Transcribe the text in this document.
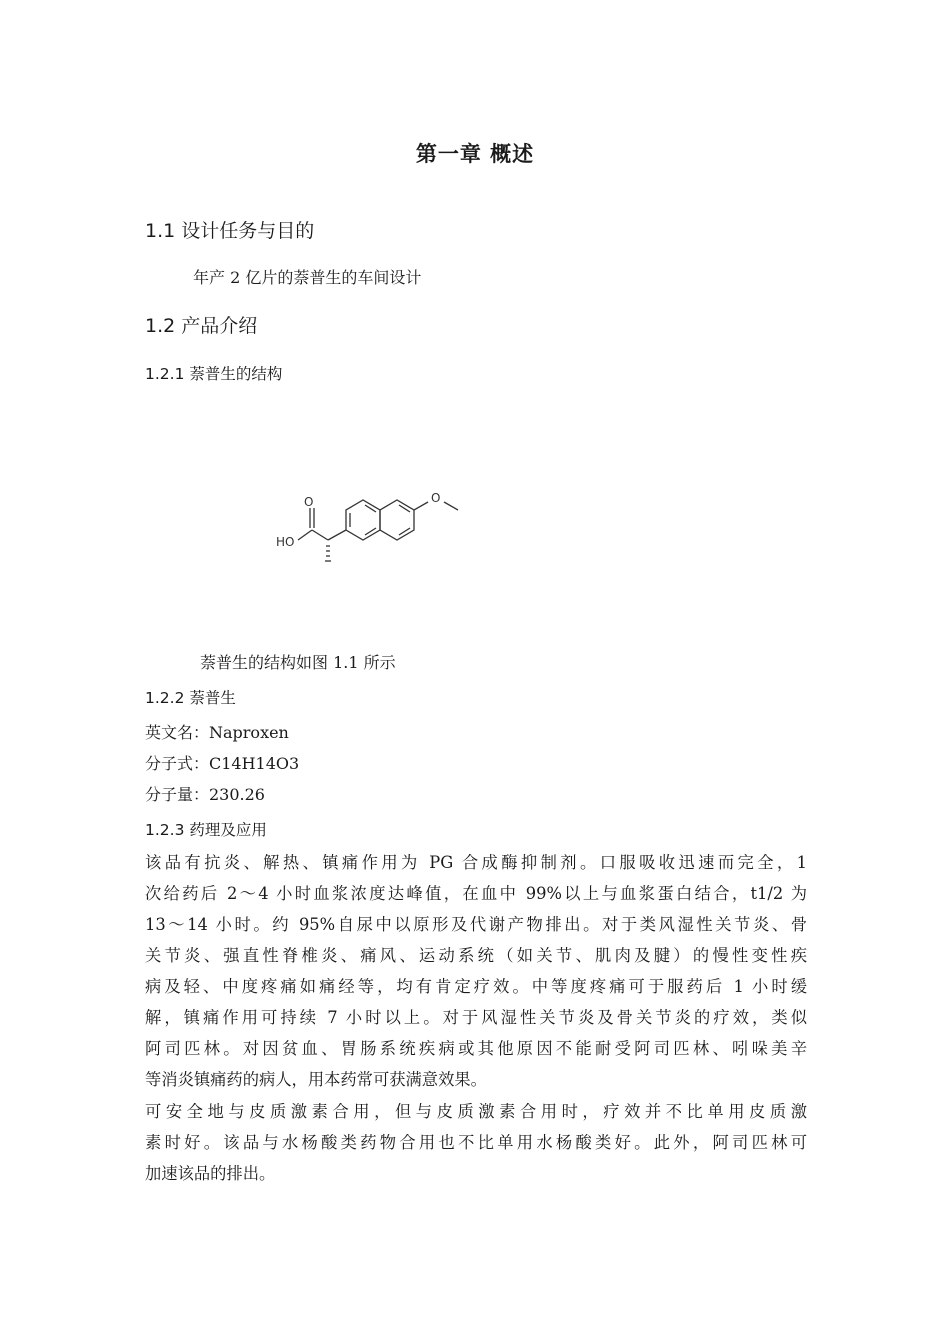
第一章 概述
1.1 设计任务与目的
年产 2 亿片的萘普生的车间设计
1.2 产品介绍
1.2.1 萘普生的结构
O
HO
O
萘普生的结构如图 1.1 所示
1.2.2 萘普生
英文名：Naproxen
分子式：C14H14O3
分子量：230.26
1.2.3 药理及应用
该品有抗炎、解热、镇痛作用为 PG 合成酶抑制剂。口服吸收迅速而完全，1
次给药后 2～4 小时血浆浓度达峰值，在血中 99%以上与血浆蛋白结合，t1/2 为
13～14 小时。约 95%自尿中以原形及代谢产物排出。对于类风湿性关节炎、骨
关节炎、强直性脊椎炎、痛风、运动系统（如关节、肌肉及腱）的慢性变性疾
病及轻、中度疼痛如痛经等，均有肯定疗效。中等度疼痛可于服药后 1 小时缓
解，镇痛作用可持续 7 小时以上。对于风湿性关节炎及骨关节炎的疗效，类似
阿司匹林。对因贫血、胃肠系统疾病或其他原因不能耐受阿司匹林、吲哚美辛
等消炎镇痛药的病人，用本药常可获满意效果。
可安全地与皮质激素合用，但与皮质激素合用时，疗效并不比单用皮质激
素时好。该品与水杨酸类药物合用也不比单用水杨酸类好。此外，阿司匹林可
加速该品的排出。
